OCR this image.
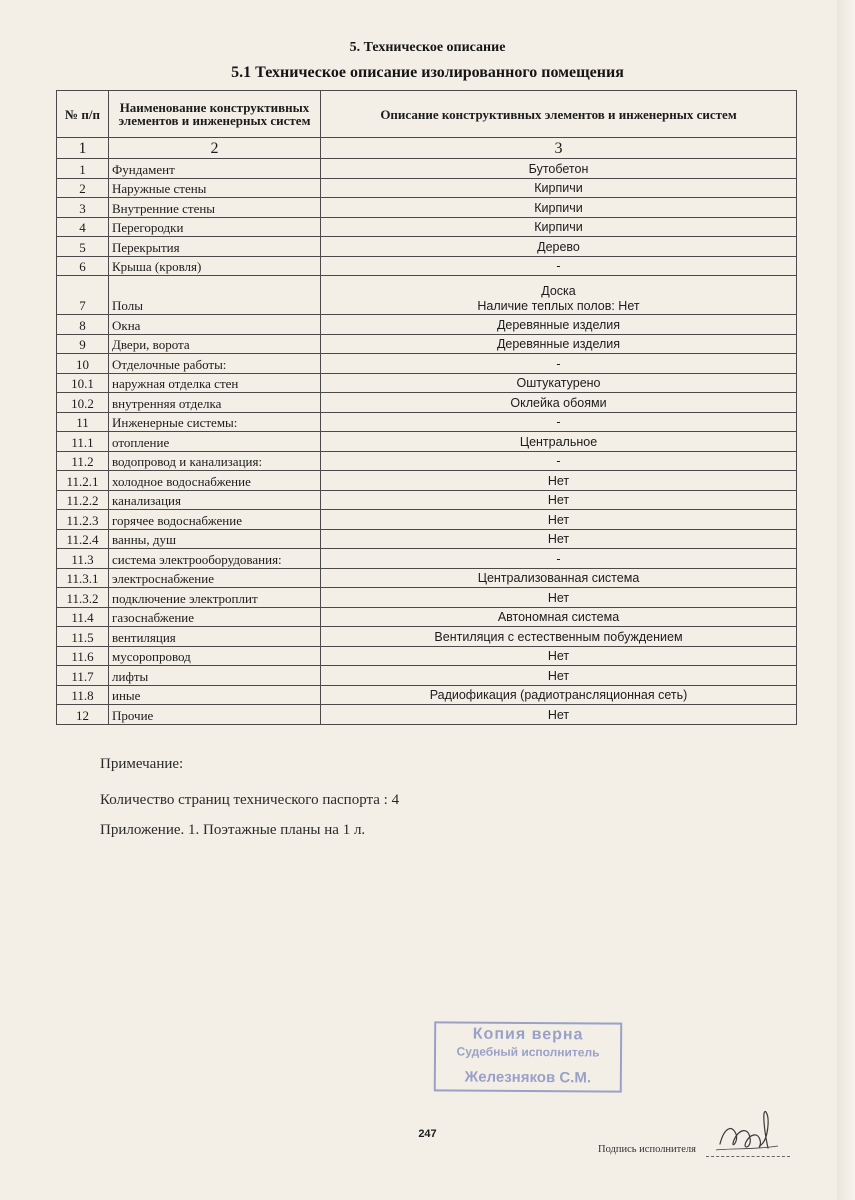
5. Техническое описание
5.1 Техническое описание изолированного помещения
№ п/п	Наименование конструктивных элементов и инженерных систем	Описание конструктивных элементов и инженерных систем
1	2	3
1	Фундамент	Бутобетон
2	Наружные стены	Кирпичи
3	Внутренние стены	Кирпичи
4	Перегородки	Кирпичи
5	Перекрытия	Дерево
6	Крыша (кровля)	-
7	Полы	Доска
Наличие теплых полов: Нет

8	Окна	Деревянные изделия
9	Двери, ворота	Деревянные изделия
10	Отделочные работы:	-
10.1	наружная отделка стен	Оштукатурено
10.2	внутренняя отделка	Оклейка обоями
11	Инженерные системы:	-
11.1	отопление	Центральное
11.2	водопровод и канализация:	-
11.2.1	холодное водоснабжение	Нет
11.2.2	канализация	Нет
11.2.3	горячее водоснабжение	Нет
11.2.4	ванны, душ	Нет
11.3	система электрооборудования:	-
11.3.1	электроснабжение	Централизованная система
11.3.2	подключение электроплит	Нет
11.4	газоснабжение	Автономная система
11.5	вентиляция	Вентиляция с естественным побуждением
11.6	мусоропровод	Нет
11.7	лифты	Нет
11.8	иные	Радиофикация (радиотрансляционная сеть)
12	Прочие	Нет
Примечание:
Количество страниц технического паспорта : 4
Приложение. 1. Поэтажные планы на 1 л.
Копия верна
Судебный исполнитель
Железняков С.М.
247
Подпись исполнителя
